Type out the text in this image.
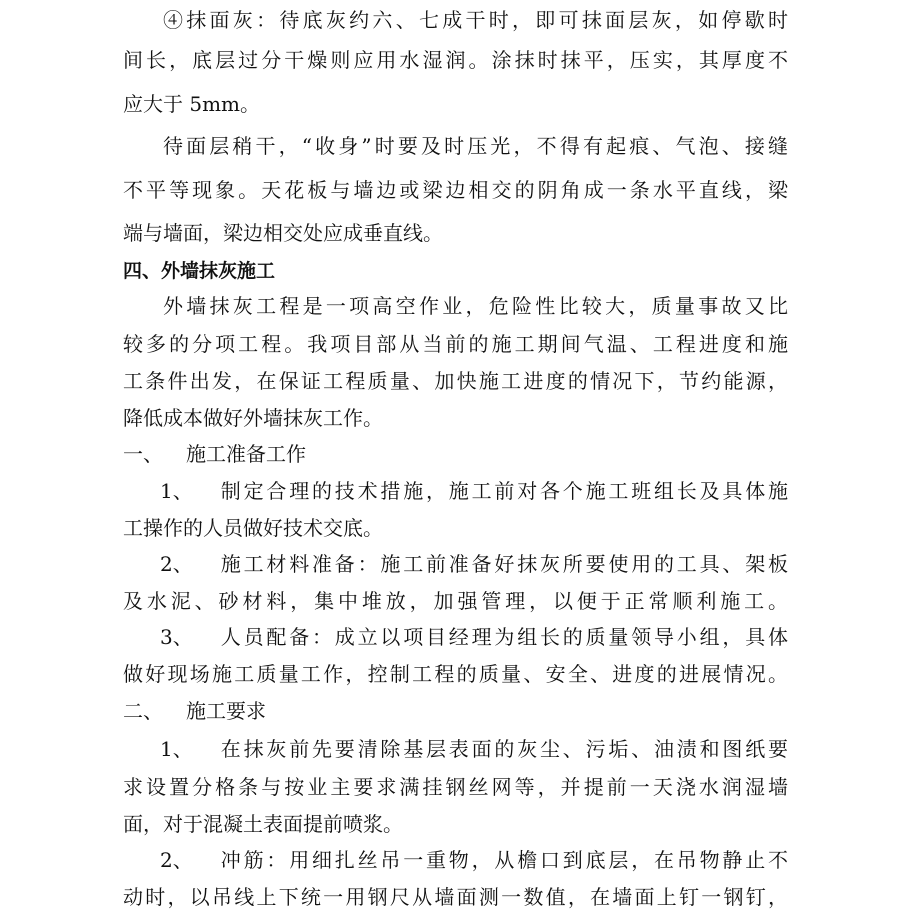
④抹面灰：待底灰约六、七成干时，即可抹面层灰，如停歇时
间长，底层过分干燥则应用水湿润。涂抹时抹平，压实，其厚度不
应大于 5mm。
待面层稍干，“收身”时要及时压光，不得有起痕、气泡、接缝
不平等现象。天花板与墙边或梁边相交的阴角成一条水平直线，梁
端与墙面，梁边相交处应成垂直线。
四、外墙抹灰施工
外墙抹灰工程是一项高空作业，危险性比较大，质量事故又比
较多的分项工程。我项目部从当前的施工期间气温、工程进度和施
工条件出发，在保证工程质量、加快施工进度的情况下，节约能源，
降低成本做好外墙抹灰工作。
一、 施工准备工作
1、 制定合理的技术措施，施工前对各个施工班组长及具体施
工操作的人员做好技术交底。
2、 施工材料准备：施工前准备好抹灰所要使用的工具、架板
及水泥、砂材料，集中堆放，加强管理，以便于正常顺利施工。
3、 人员配备：成立以项目经理为组长的质量领导小组，具体
做好现场施工质量工作，控制工程的质量、安全、进度的进展情况。
二、 施工要求
1、 在抹灰前先要清除基层表面的灰尘、污垢、油渍和图纸要
求设置分格条与按业主要求满挂钢丝网等，并提前一天浇水润湿墙
面，对于混凝土表面提前喷浆。
2、 冲筋：用细扎丝吊一重物，从檐口到底层，在吊物静止不
动时，以吊线上下统一用钢尺从墙面测一数值，在墙面上钉一钢钉，
